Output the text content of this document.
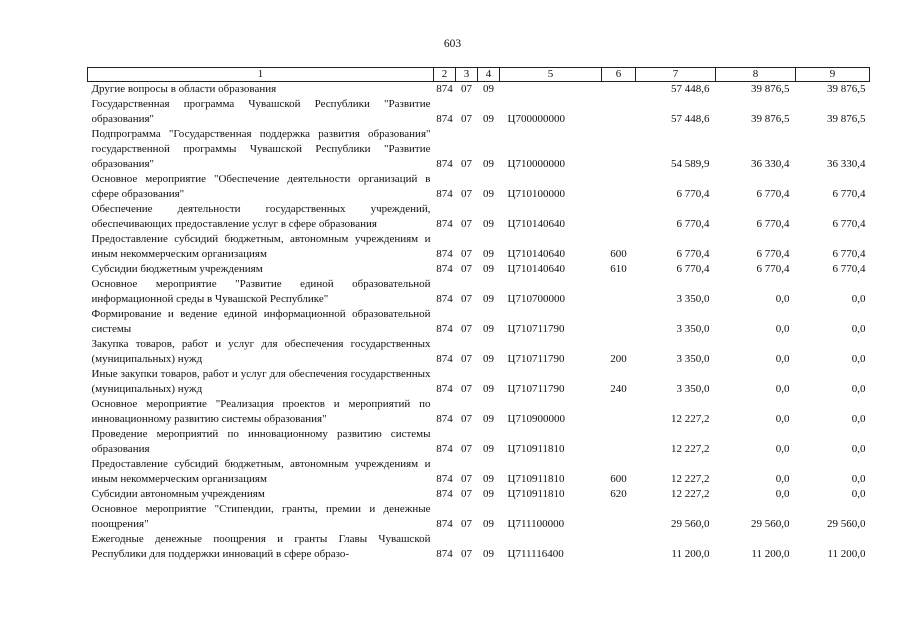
603
1	2	3	4	5	6	7	8	9
Другие вопросы в области образования	874	07	09			57 448,6	39 876,5	39 876,5
Государственная программа Чувашской Республики "Развитие образования"	874	07	09	Ц700000000		57 448,6	39 876,5	39 876,5
Подпрограмма "Государственная поддержка развития образования" государственной программы Чувашской Республики "Развитие образования"	874	07	09	Ц710000000		54 589,9	36 330,4	36 330,4
Основное мероприятие "Обеспечение деятельности организаций в сфере образования"	874	07	09	Ц710100000		6 770,4	6 770,4	6 770,4
Обеспечение деятельности государственных учреждений, обеспечивающих предоставление услуг в сфере образования	874	07	09	Ц710140640		6 770,4	6 770,4	6 770,4
Предоставление субсидий бюджетным, автономным учреждениям и иным некоммерческим организациям	874	07	09	Ц710140640	600	6 770,4	6 770,4	6 770,4
Субсидии бюджетным учреждениям	874	07	09	Ц710140640	610	6 770,4	6 770,4	6 770,4
Основное мероприятие "Развитие единой образовательной информационной среды в Чувашской Республике"	874	07	09	Ц710700000		3 350,0	0,0	0,0
Формирование и ведение единой информационной образовательной системы	874	07	09	Ц710711790		3 350,0	0,0	0,0
Закупка товаров, работ и услуг для обеспечения государственных (муниципальных) нужд	874	07	09	Ц710711790	200	3 350,0	0,0	0,0
Иные закупки товаров, работ и услуг для обеспечения государственных (муниципальных) нужд	874	07	09	Ц710711790	240	3 350,0	0,0	0,0
Основное мероприятие "Реализация проектов и мероприятий по инновационному развитию системы образования"	874	07	09	Ц710900000		12 227,2	0,0	0,0
Проведение мероприятий по инновационному развитию системы образования	874	07	09	Ц710911810		12 227,2	0,0	0,0
Предоставление субсидий бюджетным, автономным учреждениям и иным некоммерческим организациям	874	07	09	Ц710911810	600	12 227,2	0,0	0,0
Субсидии автономным учреждениям	874	07	09	Ц710911810	620	12 227,2	0,0	0,0
Основное мероприятие "Стипендии, гранты, премии и денежные поощрения"	874	07	09	Ц711100000		29 560,0	29 560,0	29 560,0
Ежегодные денежные поощрения и гранты Главы Чувашской Республики для поддержки инноваций в сфере образо-	874	07	09	Ц711116400		11 200,0	11 200,0	11 200,0
